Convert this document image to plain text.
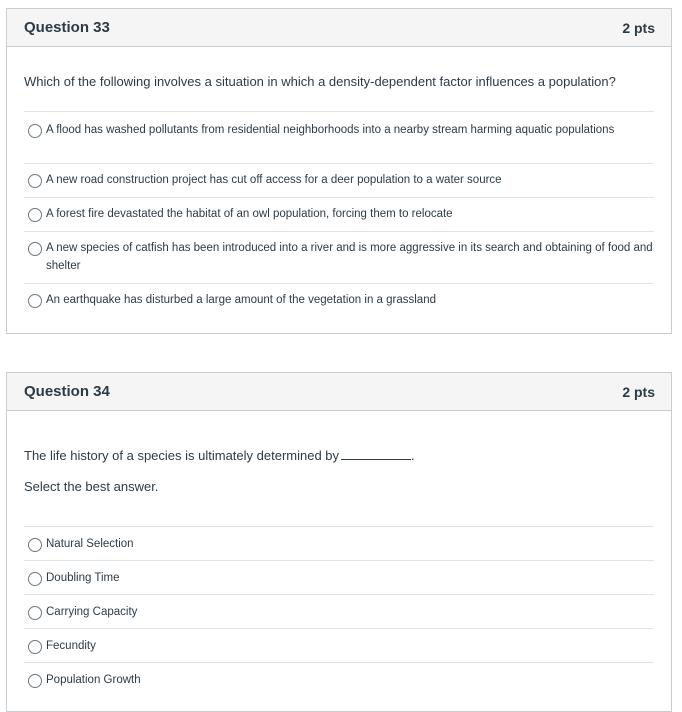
Question 33	2 pts
Which of the following involves a situation in which a density-dependent factor influences a population?
A flood has washed pollutants from residential neighborhoods into a nearby stream harming aquatic populations
A new road construction project has cut off access for a deer population to a water source
A forest fire devastated the habitat of an owl population, forcing them to relocate
A new species of catfish has been introduced into a river and is more aggressive in its search and obtaining of food and shelter
An earthquake has disturbed a large amount of the vegetation in a grassland
Question 34	2 pts
The life history of a species is ultimately determined by	.
Select the best answer.
Natural Selection
Doubling Time
Carrying Capacity
Fecundity
Population Growth
